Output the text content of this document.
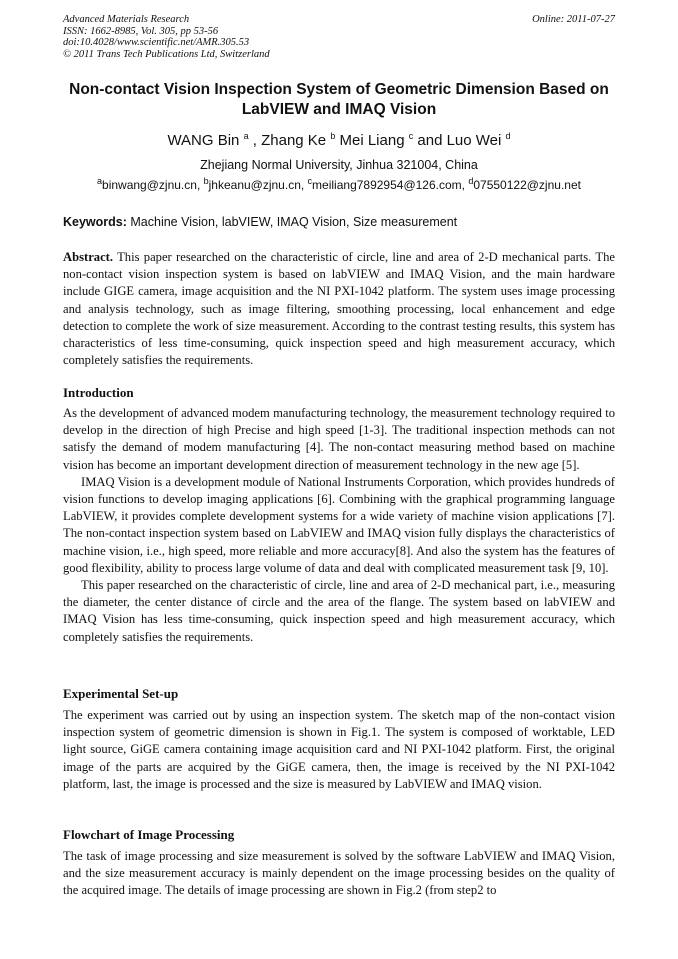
Online: 2011-07-27
Advanced Materials Research
ISSN: 1662-8985, Vol. 305, pp 53-56
doi:10.4028/www.scientific.net/AMR.305.53
© 2011 Trans Tech Publications Ltd, Switzerland
Non-contact Vision Inspection System of Geometric Dimension Based on LabVIEW and IMAQ Vision
WANG Bin $^a$ , Zhang Ke $^b$ Mei Liang $^c$ and Luo Wei $^d$
Zhejiang Normal University, Jinhua 321004, China
$^a$binwang@zjnu.cn, $^b$jhkeanu@zjnu.cn, $^c$meiliang7892954@126.com, $^d$07550122@zjnu.net
Keywords: Machine Vision, labVIEW, IMAQ Vision, Size measurement
Abstract. This paper researched on the characteristic of circle, line and area of 2-D mechanical parts. The non-contact vision inspection system is based on labVIEW and IMAQ Vision, and the main hardware include GIGE camera, image acquisition and the NI PXI-1042 platform. The system uses image processing and analysis technology, such as image filtering, smoothing processing, local enhancement and edge detection to complete the work of size measurement. According to the contrast testing results, this system has characteristics of less time-consuming, quick inspection speed and high measurement accuracy, which completely satisfies the requirements.
Introduction

As the development of advanced modem manufacturing technology, the measurement technology required to develop in the direction of high Precise and high speed [1-3]. The traditional inspection methods can not satisfy the demand of modem manufacturing [4]. The non-contact measuring method based on machine vision has become an important development direction of measurement technology in the new age [5].

IMAQ Vision is a development module of National Instruments Corporation, which provides hundreds of vision functions to develop imaging applications [6]. Combining with the graphical programming language LabVIEW, it provides complete development systems for a wide variety of machine vision applications [7]. The non-contact inspection system based on LabVIEW and IMAQ vision fully displays the characteristics of machine vision, i.e., high speed, more reliable and more accuracy[8]. And also the system has the features of good flexibility, ability to process large volume of data and deal with complicated measurement task [9, 10].

This paper researched on the characteristic of circle, line and area of 2-D mechanical part, i.e., measuring the diameter, the center distance of circle and the area of the flange. The system based on labVIEW and IMAQ Vision has less time-consuming, quick inspection speed and high measurement accuracy, which completely satisfies the requirements.

Experimental Set-up

The experiment was carried out by using an inspection system. The sketch map of the non-contact vision inspection system of geometric dimension is shown in Fig.1. The system is composed of worktable, LED light source, GiGE camera containing image acquisition card and NI PXI-1042 platform. First, the original image of the parts are acquired by the GiGE camera, then, the image is received by the NI PXI-1042 platform, last, the image is processed and the size is measured by LabVIEW and IMAQ vision.

Flowchart of Image Processing

The task of image processing and size measurement is solved by the software LabVIEW and IMAQ Vision, and the size measurement accuracy is mainly dependent on the image processing besides on the quality of the acquired image. The details of image processing are shown in Fig.2 (from step2 to
